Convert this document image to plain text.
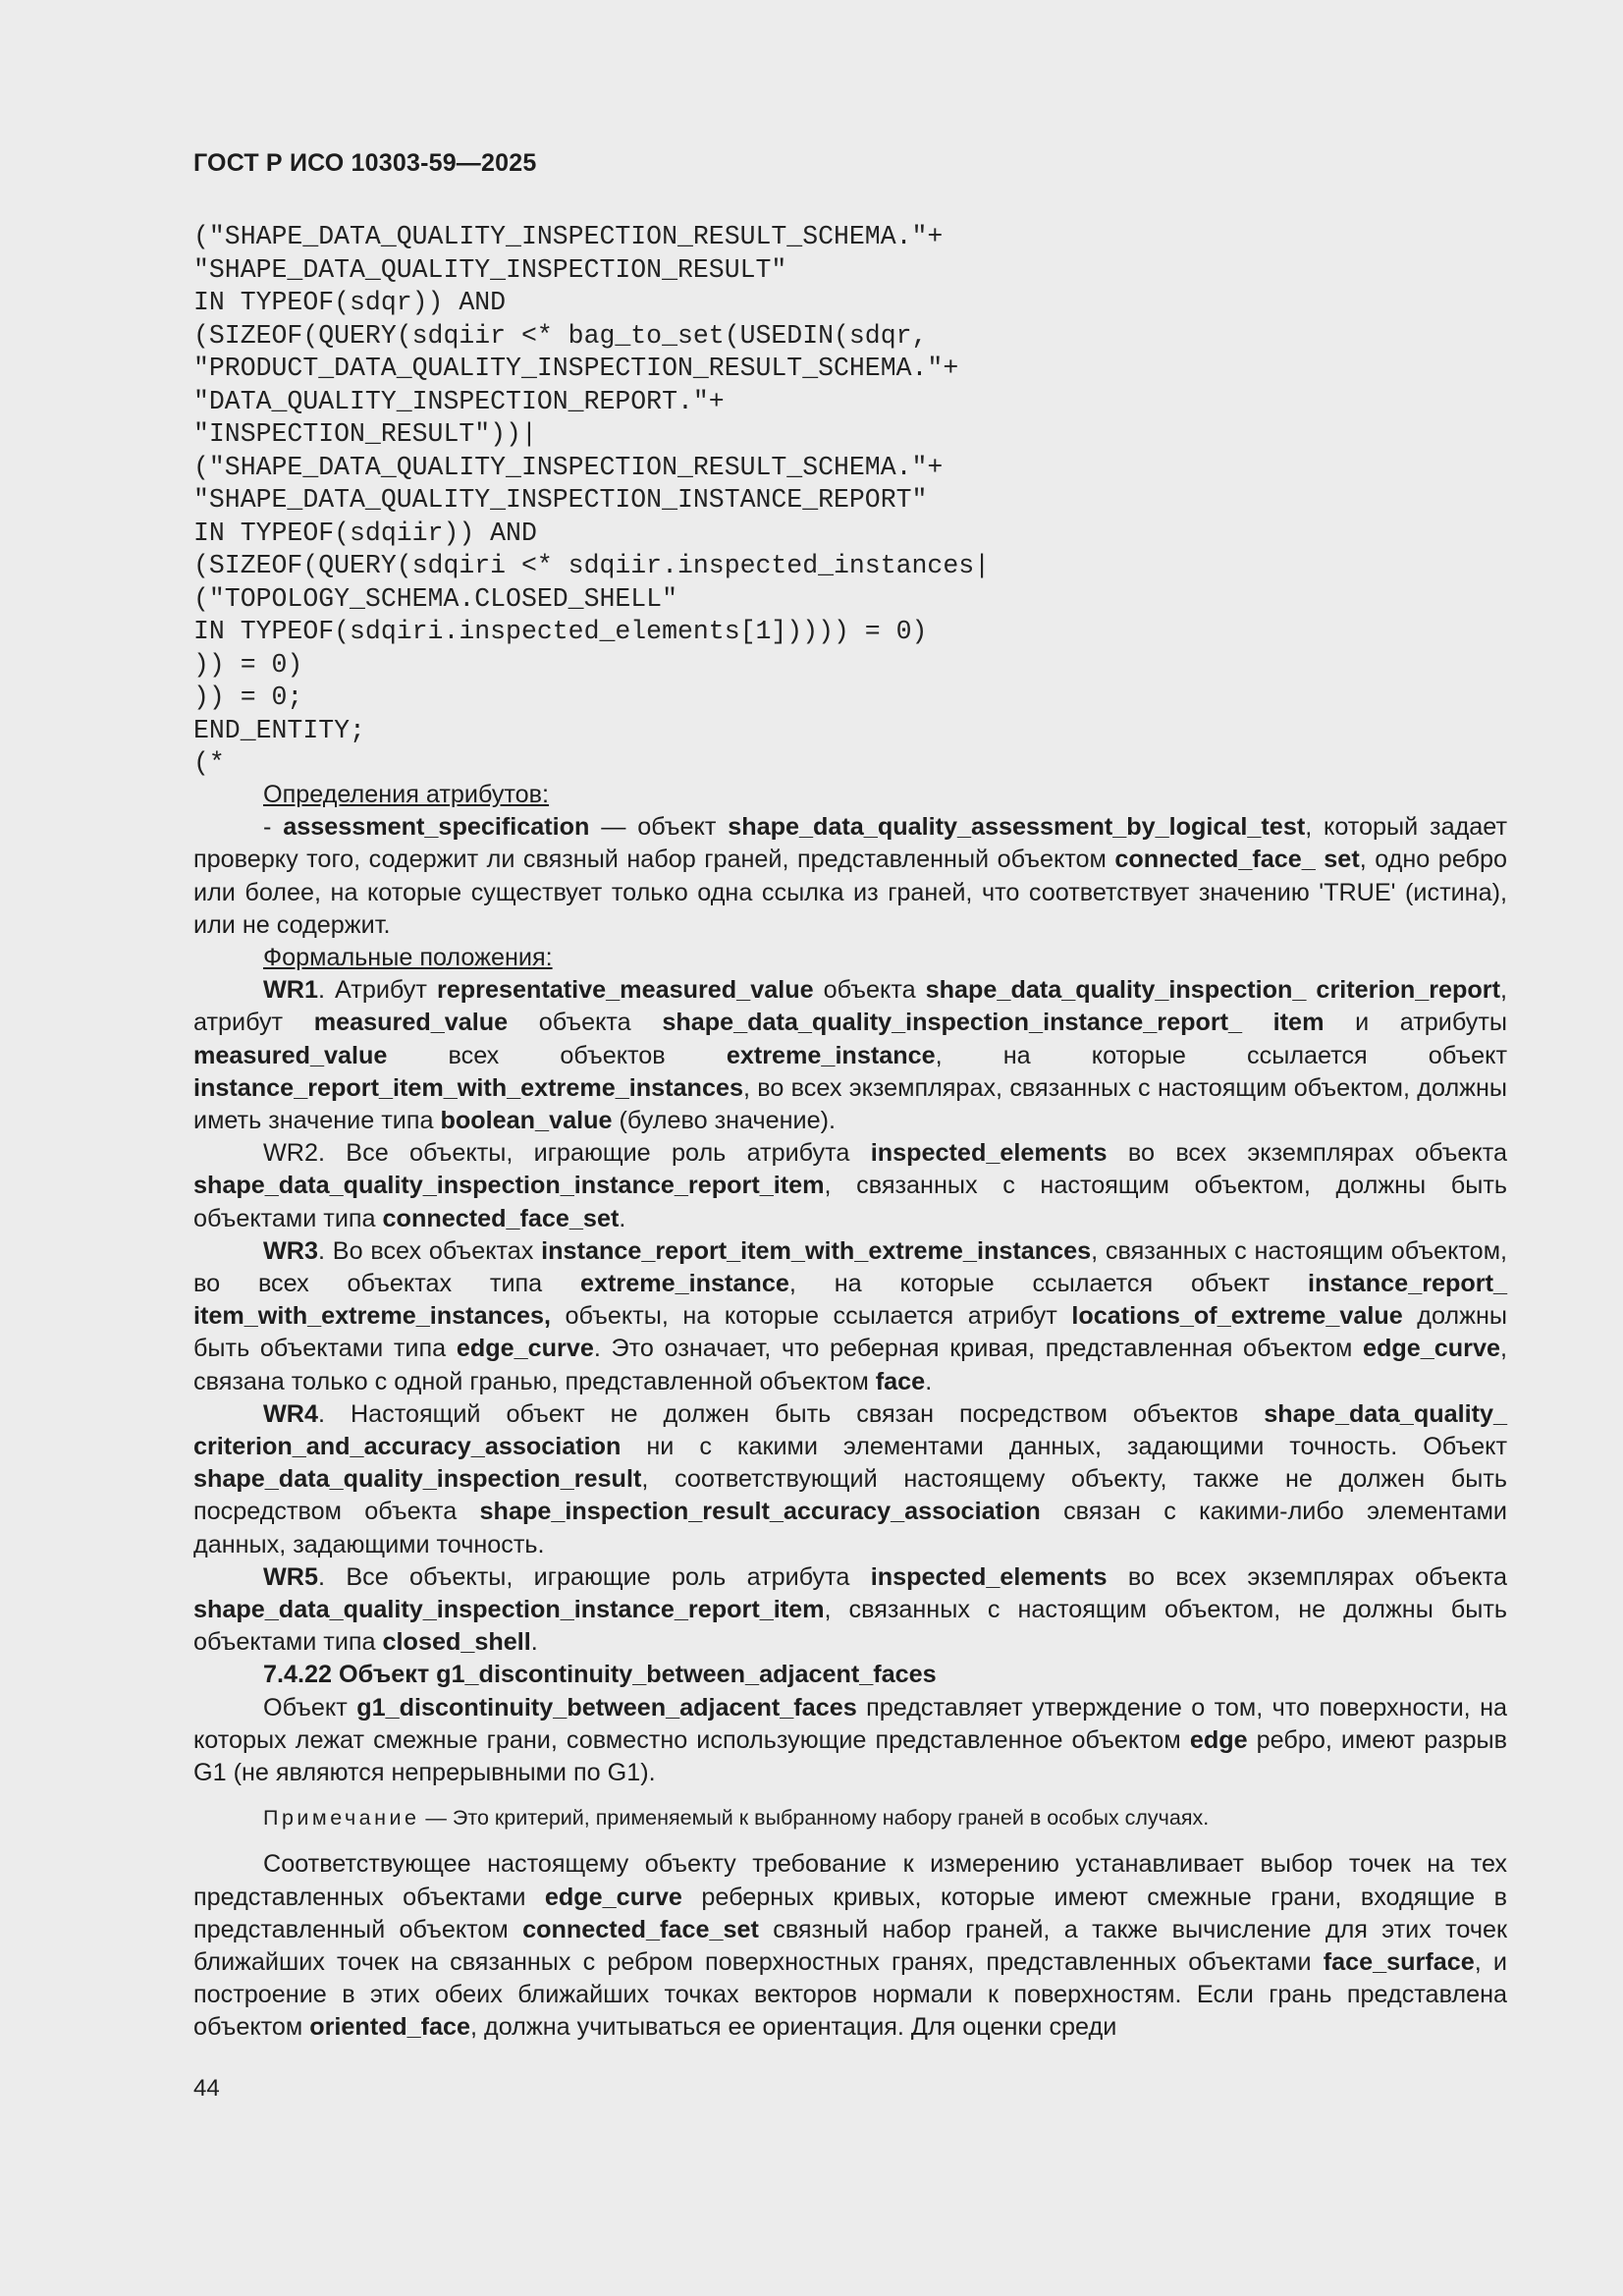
ГОСТ Р ИСО 10303-59—2025
("SHAPE_DATA_QUALITY_INSPECTION_RESULT_SCHEMA."+
"SHAPE_DATA_QUALITY_INSPECTION_RESULT"
IN TYPEOF(sdqr)) AND
(SIZEOF(QUERY(sdqiir <* bag_to_set(USEDIN(sdqr,
"PRODUCT_DATA_QUALITY_INSPECTION_RESULT_SCHEMA."+
"DATA_QUALITY_INSPECTION_REPORT."+
"INSPECTION_RESULT"))|
("SHAPE_DATA_QUALITY_INSPECTION_RESULT_SCHEMA."+
"SHAPE_DATA_QUALITY_INSPECTION_INSTANCE_REPORT"
IN TYPEOF(sdqiir)) AND
(SIZEOF(QUERY(sdqiri <* sdqiir.inspected_instances|
("TOPOLOGY_SCHEMA.CLOSED_SHELL"
IN TYPEOF(sdqiri.inspected_elements[1])))) = 0)
)) = 0)
)) = 0;
END_ENTITY;
(*

Определения атрибутов:

- assessment_specification — объект shape_data_quality_assessment_by_logical_test, который задает проверку того, содержит ли связный набор граней, представленный объектом connected_face_ set, одно ребро или более, на которые существует только одна ссылка из граней, что соответствует значению 'TRUE' (истина), или не содержит.

Формальные положения:

WR1. Атрибут representative_measured_value объекта shape_data_quality_inspection_ criterion_report, атрибут measured_value объекта shape_data_quality_inspection_instance_report_ item и атрибуты measured_value всех объектов extreme_instance, на которые ссылается объект instance_report_item_with_extreme_instances, во всех экземплярах, связанных с настоящим объектом, должны иметь значение типа boolean_value (булево значение).

WR2. Все объекты, играющие роль атрибута inspected_elements во всех экземплярах объекта shape_data_quality_inspection_instance_report_item, связанных с настоящим объектом, должны быть объектами типа connected_face_set.

WR3. Во всех объектах instance_report_item_with_extreme_instances, связанных с настоящим объектом, во всех объектах типа extreme_instance, на которые ссылается объект instance_report_ item_with_extreme_instances, объекты, на которые ссылается атрибут locations_of_extreme_value должны быть объектами типа edge_curve. Это означает, что реберная кривая, представленная объектом edge_curve, связана только с одной гранью, представленной объектом face.

WR4. Настоящий объект не должен быть связан посредством объектов shape_data_quality_ criterion_and_accuracy_association ни с какими элементами данных, задающими точность. Объект shape_data_quality_inspection_result, соответствующий настоящему объекту, также не должен быть посредством объекта shape_inspection_result_accuracy_association связан с какими-либо элементами данных, задающими точность.

WR5. Все объекты, играющие роль атрибута inspected_elements во всех экземплярах объекта shape_data_quality_inspection_instance_report_item, связанных с настоящим объектом, не должны быть объектами типа closed_shell.

7.4.22 Объект g1_discontinuity_between_adjacent_faces

Объект g1_discontinuity_between_adjacent_faces представляет утверждение о том, что поверхности, на которых лежат смежные грани, совместно использующие представленное объектом edge ребро, имеют разрыв G1 (не являются непрерывными по G1).

Примечание — Это критерий, применяемый к выбранному набору граней в особых случаях.

Соответствующее настоящему объекту требование к измерению устанавливает выбор точек на тех представленных объектами edge_curve реберных кривых, которые имеют смежные грани, входящие в представленный объектом connected_face_set связный набор граней, а также вычисление для этих точек ближайших точек на связанных с ребром поверхностных гранях, представленных объектами face_surface, и построение в этих обеих ближайших точках векторов нормали к поверхностям. Если грань представлена объектом oriented_face, должна учитываться ее ориентация. Для оценки среди

44
